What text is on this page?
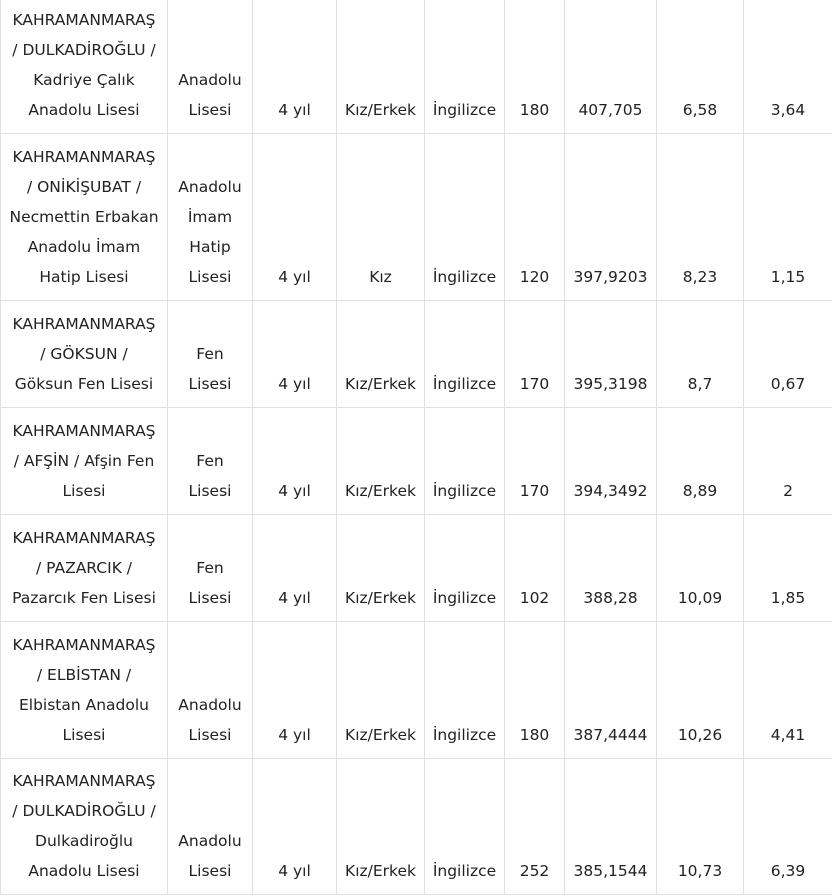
KAHRAMANMARAŞ
/ DULKADİROĞLU /
Kadriye Çalık
Anadolu Lisesi	Anadolu
Lisesi	4 yıl	Kız/Erkek	İngilizce	180	407,705	6,58	3,64

KAHRAMANMARAŞ
/ ONİKİŞUBAT /
Necmettin Erbakan
Anadolu İmam
Hatip Lisesi	Anadolu
İmam
Hatip
Lisesi	4 yıl	Kız	İngilizce	120	397,9203	8,23	1,15

KAHRAMANMARAŞ
/ GÖKSUN /
Göksun Fen Lisesi	Fen
Lisesi	4 yıl	Kız/Erkek	İngilizce	170	395,3198	8,7	0,67

KAHRAMANMARAŞ
/ AFŞİN / Afşin Fen
Lisesi	Fen
Lisesi	4 yıl	Kız/Erkek	İngilizce	170	394,3492	8,89	2

KAHRAMANMARAŞ
/ PAZARCIK /
Pazarcık Fen Lisesi	Fen
Lisesi	4 yıl	Kız/Erkek	İngilizce	102	388,28	10,09	1,85

KAHRAMANMARAŞ
/ ELBİSTAN /
Elbistan Anadolu
Lisesi	Anadolu
Lisesi	4 yıl	Kız/Erkek	İngilizce	180	387,4444	10,26	4,41

KAHRAMANMARAŞ
/ DULKADİROĞLU /
Dulkadiroğlu
Anadolu Lisesi	Anadolu
Lisesi	4 yıl	Kız/Erkek	İngilizce	252	385,1544	10,73	6,39
